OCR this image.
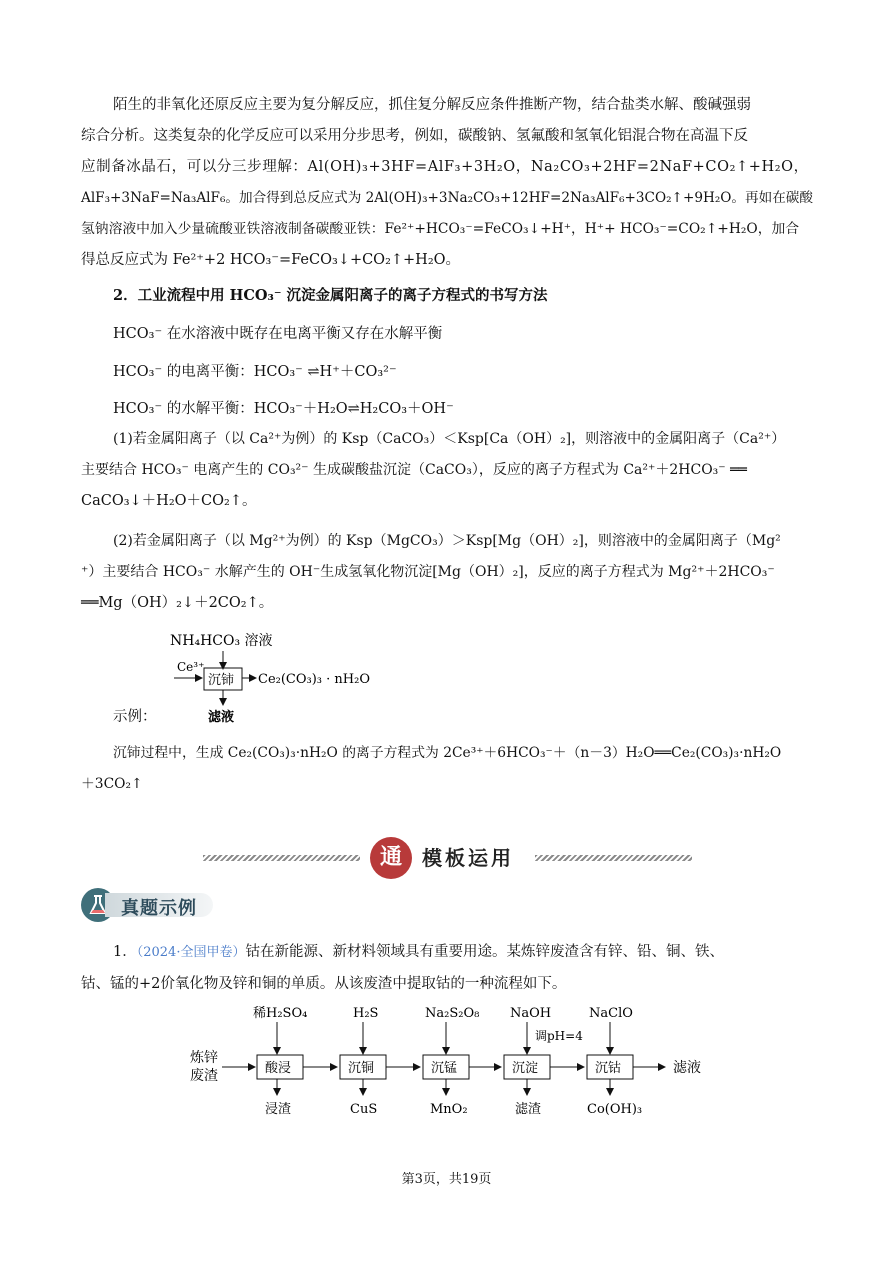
陌生的非氧化还原反应主要为复分解反应，抓住复分解反应条件推断产物，结合盐类水解、酸碱强弱
综合分析。这类复杂的化学反应可以采用分步思考，例如，碳酸钠、氢氟酸和氢氧化铝混合物在高温下反
应制备冰晶石，可以分三步理解：Al(OH)₃+3HF=AlF₃+3H₂O，Na₂CO₃+2HF=2NaF+CO₂↑+H₂O，
AlF₃+3NaF=Na₃AlF₆。加合得到总反应式为 2Al(OH)₃+3Na₂CO₃+12HF=2Na₃AlF₆+3CO₂↑+9H₂O。再如在碳酸
氢钠溶液中加入少量硫酸亚铁溶液制备碳酸亚铁：Fe²⁺+HCO₃⁻=FeCO₃↓+H⁺，H⁺+ HCO₃⁻=CO₂↑+H₂O，加合
得总反应式为 Fe²⁺+2 HCO₃⁻=FeCO₃↓+CO₂↑+H₂O。
2．工业流程中用 HCO₃⁻ 沉淀金属阳离子的离子方程式的书写方法
HCO₃⁻ 在水溶液中既存在电离平衡又存在水解平衡
HCO₃⁻ 的电离平衡：HCO₃⁻ ⇌H⁺＋CO₃²⁻
HCO₃⁻ 的水解平衡：HCO₃⁻＋H₂O⇌H₂CO₃＋OH⁻
(1)若金属阳离子（以 Ca²⁺为例）的 Ksp（CaCO₃）＜Ksp[Ca（OH）₂]，则溶液中的金属阳离子（Ca²⁺）
主要结合 HCO₃⁻ 电离产生的 CO₃²⁻ 生成碳酸盐沉淀（CaCO₃），反应的离子方程式为 Ca²⁺＋2HCO₃⁻ ══
CaCO₃↓＋H₂O＋CO₂↑。
(2)若金属阳离子（以 Mg²⁺为例）的 Ksp（MgCO₃）＞Ksp[Mg（OH）₂]，则溶液中的金属阳离子（Mg²
⁺）主要结合 HCO₃⁻ 水解产生的 OH⁻生成氢氧化物沉淀[Mg（OH）₂]，反应的离子方程式为 Mg²⁺＋2HCO₃⁻
══Mg（OH）₂↓＋2CO₂↑。
NH₄HCO₃ 溶液
Ce³⁺
沉铈 Ce₂(CO₃)₃ · nH₂O
滤液
示例：
沉铈过程中，生成 Ce₂(CO₃)₃·nH₂O 的离子方程式为 2Ce³⁺＋6HCO₃⁻＋（n－3）H₂O══Ce₂(CO₃)₃·nH₂O
＋3CO₂↑
通	模板运用
真题示例
1．（2024·全国甲卷）钴在新能源、新材料领域具有重要用途。某炼锌废渣含有锌、铅、铜、铁、
钴、锰的+2价氧化物及锌和铜的单质。从该废渣中提取钴的一种流程如下。
炼锌
废渣
稀H₂SO₄
酸浸
浸渣
H₂S
沉铜
CuS
Na₂S₂O₈
沉锰
MnO₂
NaOH
调pH=4
沉淀
滤渣
NaClO
沉钴
Co(OH)₃
滤液
第3页，共19页
